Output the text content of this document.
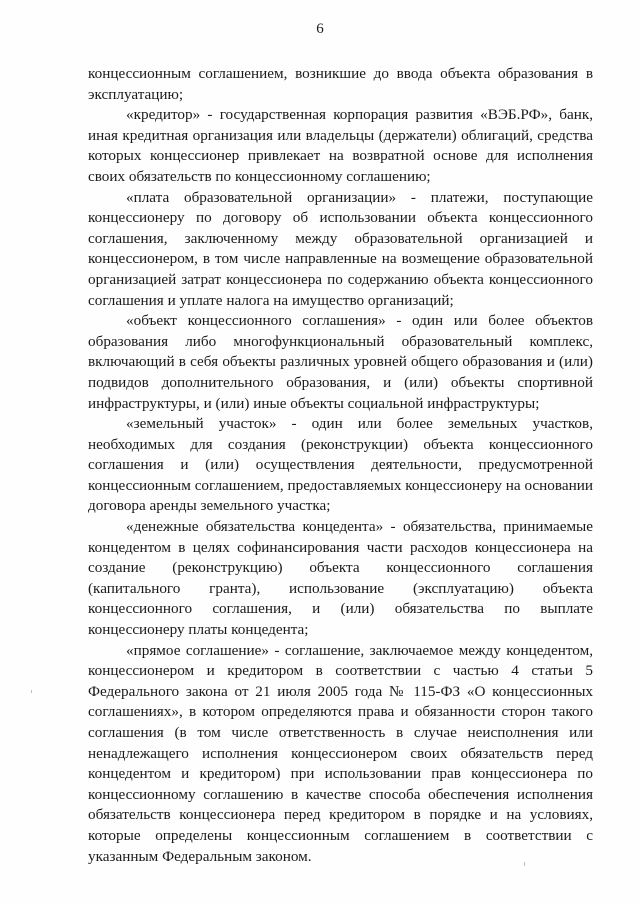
6

концессионным соглашением, возникшие до ввода объекта образования в эксплуатацию;

«кредитор» - государственная корпорация развития «ВЭБ.РФ», банк, иная кредитная организация или владельцы (держатели) облигаций, средства которых концессионер привлекает на возвратной основе для исполнения своих обязательств по концессионному соглашению;

«плата образовательной организации» - платежи, поступающие концессионеру по договору об использовании объекта концессионного соглашения, заключенному между образовательной организацией и концессионером, в том числе направленные на возмещение образовательной организацией затрат концессионера по содержанию объекта концессионного соглашения и уплате налога на имущество организаций;

«объект концессионного соглашения» - один или более объектов образования либо многофункциональный образовательный комплекс, включающий в себя объекты различных уровней общего образования и (или) подвидов дополнительного образования, и (или) объекты спортивной инфраструктуры, и (или) иные объекты социальной инфраструктуры;

«земельный участок» - один или более земельных участков, необходимых для создания (реконструкции) объекта концессионного соглашения и (или) осуществления деятельности, предусмотренной концессионным соглашением, предоставляемых концессионеру на основании договора аренды земельного участка;

«денежные обязательства концедента» - обязательства, принимаемые концедентом в целях софинансирования части расходов концессионера на создание (реконструкцию) объекта концессионного соглашения (капитального гранта), использование (эксплуатацию) объекта концессионного соглашения, и (или) обязательства по выплате концессионеру платы концедента;

«прямое соглашение» - соглашение, заключаемое между концедентом, концессионером и кредитором в соответствии с частью 4 статьи 5 Федерального закона от 21 июля 2005 года № 115-ФЗ «О концессионных соглашениях», в котором определяются права и обязанности сторон такого соглашения (в том числе ответственность в случае неисполнения или ненадлежащего исполнения концессионером своих обязательств перед концедентом и кредитором) при использовании прав концессионера по концессионному соглашению в качестве способа обеспечения исполнения обязательств концессионера перед кредитором в порядке и на условиях, которые определены концессионным соглашением в соответствии с указанным Федеральным законом.
